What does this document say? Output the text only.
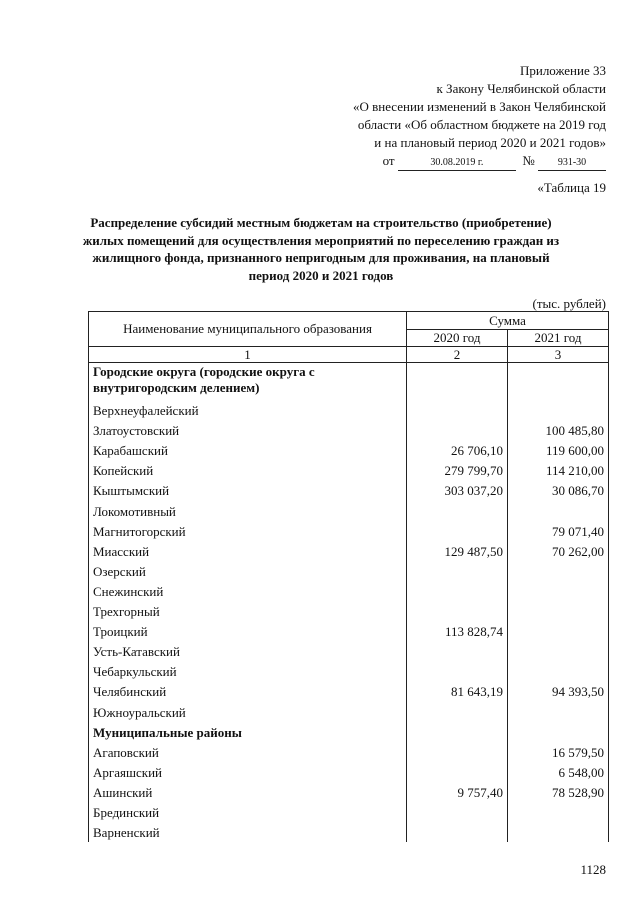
Приложение 33
к Закону Челябинской области
«О внесении изменений в Закон Челябинской
области «Об областном бюджете на 2019 год
и на плановый период 2020 и 2021 годов»
от	30.08.2019 г.	№ 931-30
«Таблица 19
Распределение субсидий местным бюджетам на строительство (приобретение) жилых помещений для осуществления мероприятий по переселению граждан из жилищного фонда, признанного непригодным для проживания, на плановый период 2020 и 2021 годов
(тыс. рублей)
Наименование муниципального образования	Сумма	
	2020 год	2021 год
1	2	3
Городские округа (городские округа с внутригородским делением)		
Верхнеуфалейский		
Златоустовский		100 485,80
Карабашский	26 706,10	119 600,00
Копейский	279 799,70	114 210,00
Кыштымский	303 037,20	30 086,70
Локомотивный		
Магнитогорский		79 071,40
Миасский	129 487,50	70 262,00
Озерский		
Снежинский		
Трехгорный		
Троицкий	113 828,74	
Усть-Катавский		
Чебаркульский		
Челябинский	81 643,19	94 393,50
Южноуральский		
Муниципальные районы		
Агаповский		16 579,50
Аргаяшский		6 548,00
Ашинский	9 757,40	78 528,90
Брединский		
Варненский		
1128
